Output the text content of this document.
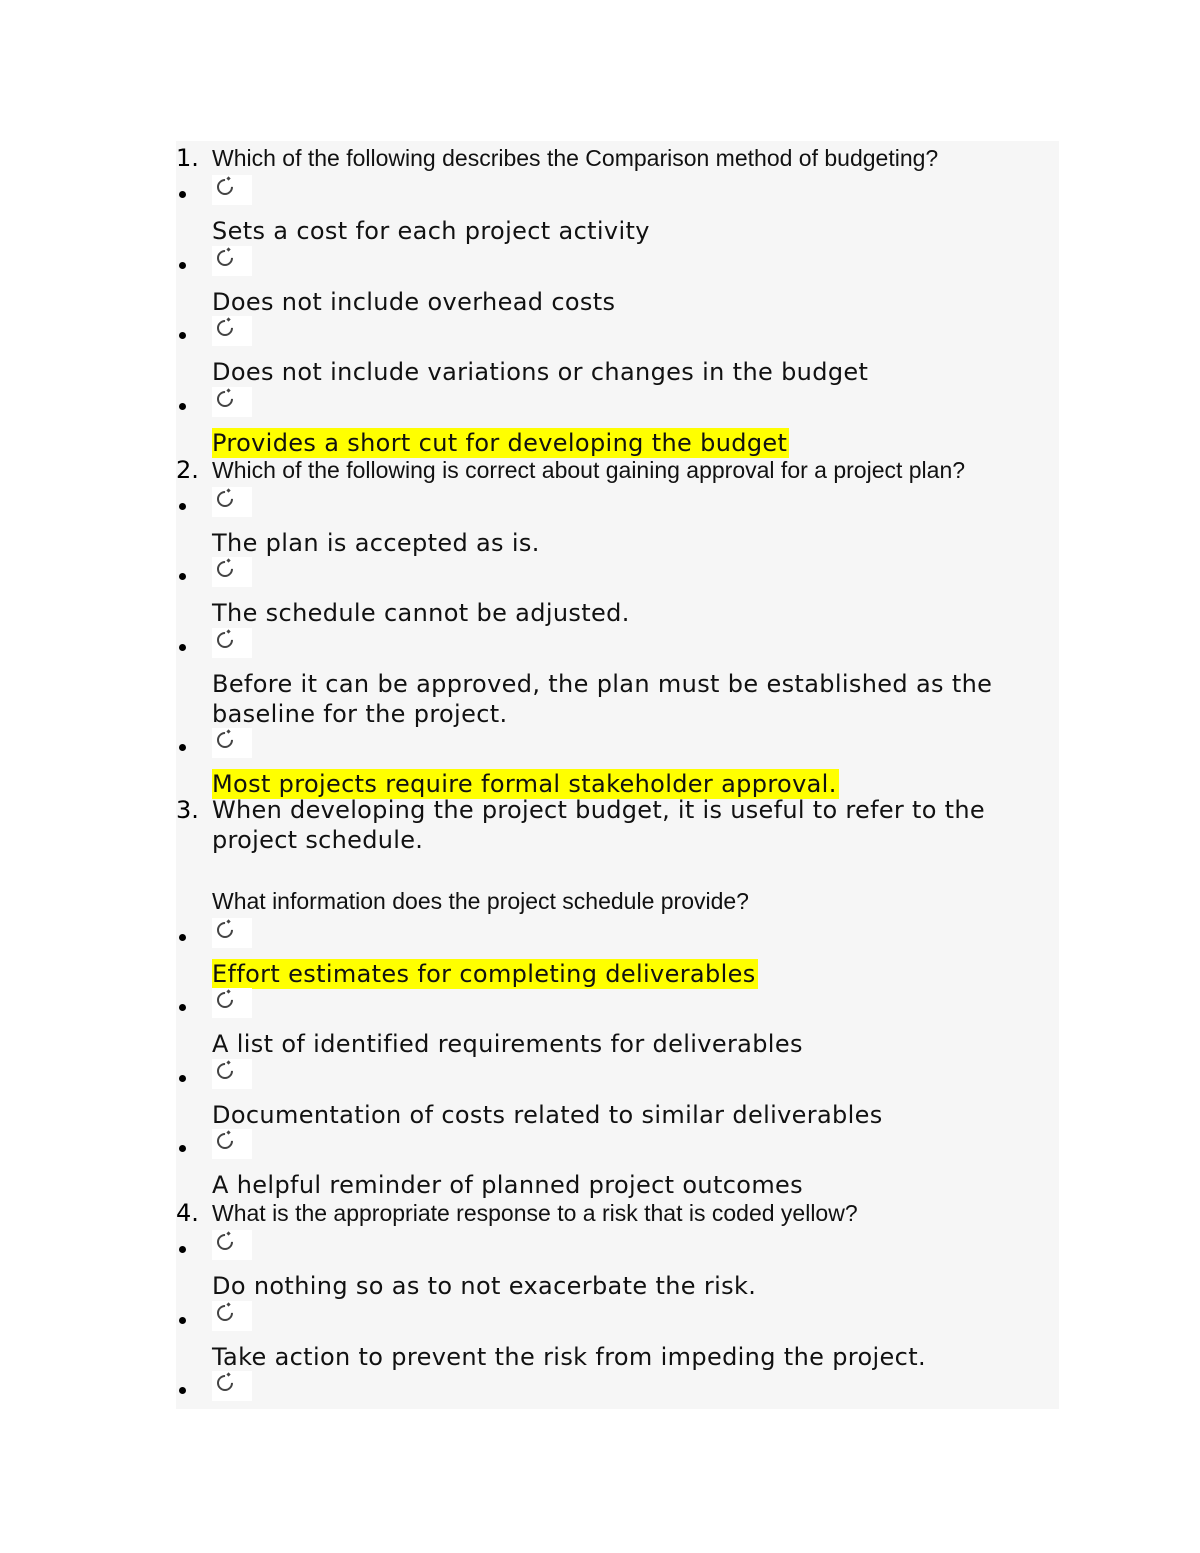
1. Which of the following describes the Comparison method of budgeting?
Sets a cost for each project activity
Does not include overhead costs
Does not include variations or changes in the budget
Provides a short cut for developing the budget
2. Which of the following is correct about gaining approval for a project plan?
The plan is accepted as is.
The schedule cannot be adjusted.
Before it can be approved, the plan must be established as the
baseline for the project.
Most projects require formal stakeholder approval.
3. When developing the project budget, it is useful to refer to the project schedule.
What information does the project schedule provide?
Effort estimates for completing deliverables
A list of identified requirements for deliverables
Documentation of costs related to similar deliverables
A helpful reminder of planned project outcomes
4. What is the appropriate response to a risk that is coded yellow?
Do nothing so as to not exacerbate the risk.
Take action to prevent the risk from impeding the project.
